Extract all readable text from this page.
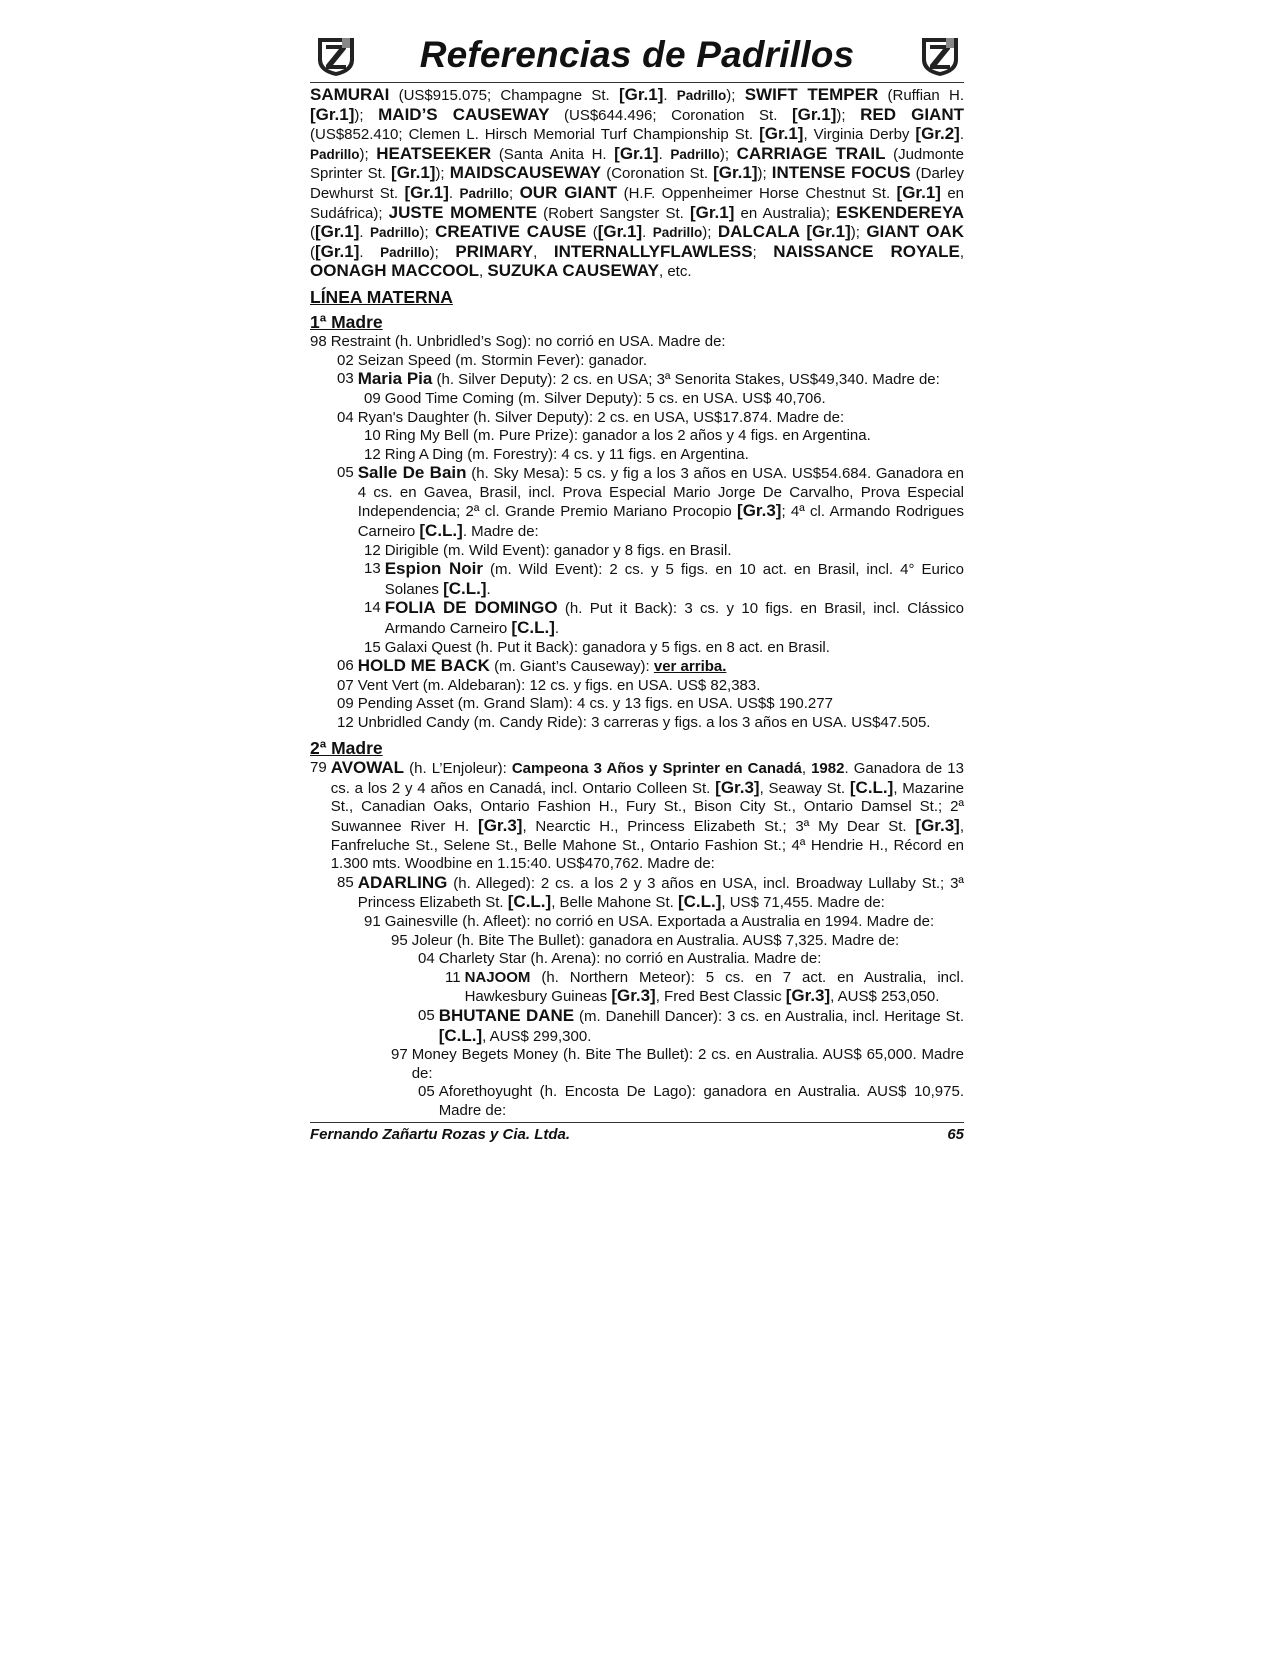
Referencias de Padrillos
SAMURAI (US$915.075; Champagne St. [Gr.1]. Padrillo); SWIFT TEMPER (Ruffian H. [Gr.1]); MAID’S CAUSEWAY (US$644.496; Coronation St. [Gr.1]); RED GIANT (US$852.410; Clemen L. Hirsch Memorial Turf Championship St. [Gr.1], Virginia Derby [Gr.2]. Padrillo); HEATSEEKER (Santa Anita H. [Gr.1]. Padrillo); CARRIAGE TRAIL (Judmonte Sprinter St. [Gr.1]); MAIDSCAUSEWAY (Coronation St. [Gr.1]); INTENSE FOCUS (Darley Dewhurst St. [Gr.1]. Padrillo; OUR GIANT (H.F. Oppenheimer Horse Chestnut St. [Gr.1] en Sudáfrica); JUSTE MOMENTE (Robert Sangster St. [Gr.1] en Australia); ESKENDEREYA ([Gr.1]. Padrillo); CREATIVE CAUSE ([Gr.1]. Padrillo); DALCALA [Gr.1]); GIANT OAK ([Gr.1]. Padrillo); PRIMARY, INTERNALLYFLAWLESS; NAISSANCE ROYALE, OONAGH MACCOOL, SUZUKA CAUSEWAY, etc.
LÍNEA MATERNA
1ª Madre
98 Restraint (h. Unbridled’s Sog): no corrió en USA. Madre de:
02 Seizan Speed (m. Stormin Fever): ganador.
03 Maria Pia (h. Silver Deputy): 2 cs. en USA; 3ª Senorita Stakes, US$49,340. Madre de:
09 Good Time Coming (m. Silver Deputy): 5 cs. en USA. US$ 40,706.
04 Ryan's Daughter (h. Silver Deputy): 2 cs. en USA, US$17.874. Madre de:
10 Ring My Bell (m. Pure Prize): ganador a los 2 años y 4 figs. en Argentina.
12 Ring A Ding (m. Forestry): 4 cs. y 11 figs. en Argentina.
05 Salle De Bain (h. Sky Mesa): 5 cs. y fig a los 3 años en USA. US$54.684. Ganadora en 4 cs. en Gavea, Brasil, incl. Prova Especial Mario Jorge De Carvalho, Prova Especial Independencia; 2ª cl. Grande Premio Mariano Procopio [Gr.3]; 4ª cl. Armando Rodrigues Carneiro [C.L.]. Madre de:
12 Dirigible (m. Wild Event): ganador y 8 figs. en Brasil.
13 Espion Noir (m. Wild Event): 2 cs. y 5 figs. en 10 act. en Brasil, incl. 4° Eurico Solanes [C.L.].
14 FOLIA DE DOMINGO (h. Put it Back): 3 cs. y 10 figs. en Brasil, incl. Clássico Armando Carneiro [C.L.].
15 Galaxi Quest (h. Put it Back): ganadora y 5 figs. en 8 act. en Brasil.
06 HOLD ME BACK (m. Giant’s Causeway): ver arriba.
07 Vent Vert (m. Aldebaran): 12 cs. y figs. en USA. US$ 82,383.
09 Pending Asset (m. Grand Slam): 4 cs. y 13 figs. en USA. US$$ 190.277
12 Unbridled Candy (m. Candy Ride): 3 carreras y figs. a los 3 años en USA. US$47.505.
2ª Madre
79 AVOWAL (h. L’Enjoleur): Campeona 3 Años y Sprinter en Canadá, 1982. Ganadora de 13 cs. a los 2 y 4 años en Canadá, incl. Ontario Colleen St. [Gr.3], Seaway St. [C.L.], Mazarine St., Canadian Oaks, Ontario Fashion H., Fury St., Bison City St., Ontario Damsel St.; 2ª Suwannee River H. [Gr.3], Nearctic H., Princess Elizabeth St.; 3ª My Dear St. [Gr.3], Fanfreluche St., Selene St., Belle Mahone St., Ontario Fashion St.; 4ª Hendrie H., Récord en 1.300 mts. Woodbine en 1.15:40. US$470,762. Madre de:
85 ADARLING (h. Alleged): 2 cs. a los 2 y 3 años en USA, incl. Broadway Lullaby St.; 3ª Princess Elizabeth St. [C.L.], Belle Mahone St. [C.L.], US$ 71,455. Madre de:
91 Gainesville (h. Afleet): no corrió en USA. Exportada a Australia en 1994. Madre de:
95 Joleur (h. Bite The Bullet): ganadora en Australia. AUS$ 7,325. Madre de:
04 Charlety Star (h. Arena): no corrió en Australia. Madre de:
11 NAJOOM (h. Northern Meteor): 5 cs. en 7 act. en Australia, incl. Hawkesbury Guineas [Gr.3], Fred Best Classic [Gr.3], AUS$ 253,050.
05 BHUTANE DANE (m. Danehill Dancer): 3 cs. en Australia, incl. Heritage St. [C.L.], AUS$ 299,300.
97 Money Begets Money (h. Bite The Bullet): 2 cs. en Australia. AUS$ 65,000. Madre de:
05 Aforethoyught (h. Encosta De Lago): ganadora en Australia. AUS$ 10,975. Madre de:
Fernando Zañartu Rozas y Cia. Ltda.	65
